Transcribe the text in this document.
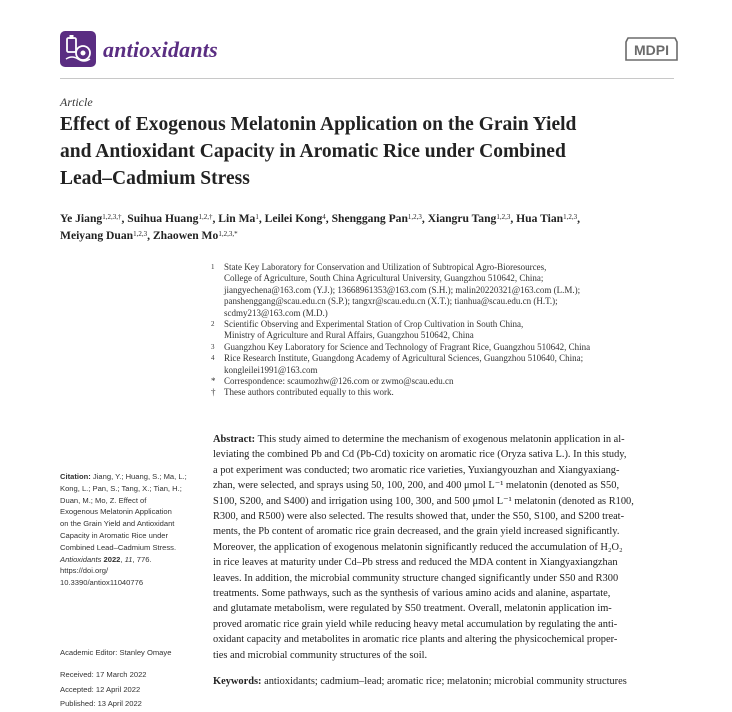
antioxidants	MDPI
Article
Effect of Exogenous Melatonin Application on the Grain Yield
and Antioxidant Capacity in Aromatic Rice under Combined
Lead–Cadmium Stress
Ye Jiang$^{1,2,3,\dagger}$, Suihua Huang$^{1,2,\dagger}$, Lin Ma$^1$, Leilei Kong$^4$, Shenggang Pan$^{1,2,3}$, Xiangru Tang$^{1,2,3}$, Hua Tian$^{1,2,3}$,
Meiyang Duan$^{1,2,3}$, Zhaowen $Mo^{1,2,3,*}$
1 State Key Laboratory for Conservation and Utilization of Subtropical Agro-Bioresources,
College of Agriculture, South China Agricultural University, Guangzhou 510642, China;
jiangyechena@163.com (Y.J.); 13668961353@163.com (S.H.); malin20220321@163.com (L.M.);
panshenggang@scau.edu.cn (S.P.); tangxr@scau.edu.cn (X.T.); tianhua@scau.edu.cn (H.T.);
scdmy213@163.com (M.D.)
2 Scientific Observing and Experimental Station of Crop Cultivation in South China,
Ministry of Agriculture and Rural Affairs, Guangzhou 510642, China
3 Guangzhou Key Laboratory for Science and Technology of Fragrant Rice, Guangzhou 510642, China
4 Rice Research Institute, Guangdong Academy of Agricultural Sciences, Guangzhou 510640, China;
kongleilei1991@163.com
* Correspondence: scaumozhw@126.com or zwmo@scau.edu.cn
† These authors contributed equally to this work.
Abstract: This study aimed to determine the mechanism of exogenous melatonin application in al-
leviating the combined Pb and Cd (Pb-Cd) toxicity on aromatic rice (Oryza sativa L.). In this study,
a pot experiment was conducted; two aromatic rice varieties, Yuxiangyouzhan and Xiangyaxiang-
zhan, were selected, and sprays using 50, 100, 200, and 400 μmol L⁻¹ melatonin (denoted as S50,
S100, S200, and S400) and irrigation using 100, 300, and 500 μmol L⁻¹ melatonin (denoted as R100,
R300, and R500) were also selected. The results showed that, under the S50, S100, and S200 treat-
ments, the Pb content of aromatic rice grain decreased, and the grain yield increased significantly.
Moreover, the application of exogenous melatonin significantly reduced the accumulation of H₂O₂
in rice leaves at maturity under Cd–Pb stress and reduced the MDA content in Xiangyaxiangzhan
leaves. In addition, the microbial community structure changed significantly under S50 and R300
treatments. Some pathways, such as the synthesis of various amino acids and alanine, aspartate,
and glutamate metabolism, were regulated by S50 treatment. Overall, melatonin application im-
proved aromatic rice grain yield while reducing heavy metal accumulation by regulating the anti-
oxidant capacity and metabolites in aromatic rice plants and altering the physicochemical proper-
ties and microbial community structures of the soil.
Keywords: antioxidants; cadmium–lead; aromatic rice; melatonin; microbial community structures
Citation: Jiang, Y.; Huang, S.; Ma, L.;
Kong, L.; Pan, S.; Tang, X.; Tian, H.;
Duan, M.; Mo, Z. Effect of
Exogenous Melatonin Application
on the Grain Yield and Antioxidant
Capacity in Aromatic Rice under
Combined Lead–Cadmium Stress.
Antioxidants 2022, 11, 776.
https://doi.org/
10.3390/antiox11040776
Academic Editor: Stanley Omaye
Received: 17 March 2022
Accepted: 12 April 2022
Published: 13 April 2022
